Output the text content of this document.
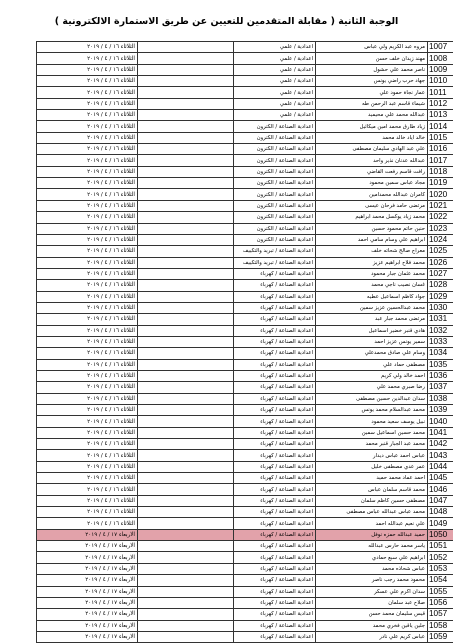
الوجبة الثانية ( مقابلة المتقدمين للتعيين عن طريق الاستمارة الالكترونية )
الثلاثاء ١٦ / ٤ / ٢٠١٩		اعدادية / علمي	مروه عبد الكريم ولي عباس	1007
الثلاثاء ١٦ / ٤ / ٢٠١٩		اعدادية / علمي	مهند زيدان خلف حسن	1008
الثلاثاء ١٦ / ٤ / ٢٠١٩		اعدادية / علمي	ناصر محمد علي حشول	1009
الثلاثاء ١٦ / ٤ / ٢٠١٩		اعدادية / علمي	جهاد حرب راضي يونس	1010
الثلاثاء ١٦ / ٤ / ٢٠١٩		اعدادية / علمي	عمار نجاة حمود علي	1011
الثلاثاء ١٦ / ٤ / ٢٠١٩		اعدادية / علمي	شيماء قاسم عبد الرحمن طه	1012
الثلاثاء ١٦ / ٤ / ٢٠١٩		اعدادية / علمي	عبدالله محمد علي محيميد	1013
الثلاثاء ١٦ / ٤ / ٢٠١٩		اعدادية الصناعة / الكترون	زياد طارق محمد امين ميكائيل	1014
الثلاثاء ١٦ / ٤ / ٢٠١٩		اعدادية الصناعة / الكترون	خالد اياد خالد محمد	1015
الثلاثاء ١٦ / ٤ / ٢٠١٩		اعدادية الصناعة / الكترون	علي عبد الهادي سليمان مصطفى	1016
الثلاثاء ١٦ / ٤ / ٢٠١٩		اعدادية الصناعة / الكترون	عبدالله عدنان نذير واحد	1017
الثلاثاء ١٦ / ٤ / ٢٠١٩		اعدادية الصناعة / الكترون	رافت قاسم رفعت القاضي	1018
الثلاثاء ١٦ / ٤ / ٢٠١٩		اعدادية الصناعة / الكترون	مجاد عباس سمين محمود	1019
الثلاثاء ١٦ / ٤ / ٢٠١٩		اعدادية الصناعة / الكترون	كامران عبدالله محمدامين	1020
الثلاثاء ١٦ / ٤ / ٢٠١٩		اعدادية الصناعة / الكترون	مرتضى حامد فرحان عيسى	1021
الثلاثاء ١٦ / ٤ / ٢٠١٩		اعدادية الصناعة / الكترون	محمد زياد يوكسل محمد ابراهيم	1022
الثلاثاء ١٦ / ٤ / ٢٠١٩		اعدادية الصناعة / الكترون	حنين حاتم محمود حسين	1023
الثلاثاء ١٦ / ٤ / ٢٠١٩		اعدادية الصناعة / الكترون	ابراهيم علي وسام سامي احمد	1024
الثلاثاء ١٦ / ٤ / ٢٠١٩		اعدادية الصناعة / تبريد والتكييف	معراج صالح شحاته خلف	1025
الثلاثاء ١٦ / ٤ / ٢٠١٩		اعدادية الصناعة / تبريد والتكييف	محمد فلاح ابراهيم عزيز	1026
الثلاثاء ١٦ / ٤ / ٢٠١٩		اعدادية الصناعة / كهرباء	محمد عثمان جبار محمود	1027
الثلاثاء ١٦ / ٤ / ٢٠١٩		اعدادية الصناعة / كهرباء	غسان نصيب ناجي محمد	1028
الثلاثاء ١٦ / ٤ / ٢٠١٩		اعدادية الصناعة / كهرباء	جواد كاظم اسماعيل عطيه	1029
الثلاثاء ١٦ / ٤ / ٢٠١٩		اعدادية الصناعة / كهرباء	محمد عبدالحسين عزيز سمين	1030
الثلاثاء ١٦ / ٤ / ٢٠١٩		اعدادية الصناعة / كهرباء	مرتضى محمد جبار عبد	1031
الثلاثاء ١٦ / ٤ / ٢٠١٩		اعدادية الصناعة / كهرباء	هادي قنبر خضير اسماعيل	1032
الثلاثاء ١٦ / ٤ / ٢٠١٩		اعدادية الصناعة / كهرباء	سمير يونس عزيز احمد	1033
الثلاثاء ١٦ / ٤ / ٢٠١٩		اعدادية الصناعة / كهرباء	وسام علي صادق محمدعلي	1034
الثلاثاء ١٦ / ٤ / ٢٠١٩		اعدادية الصناعة / كهرباء	مصطفى حماد علي	1035
الثلاثاء ١٦ / ٤ / ٢٠١٩		اعدادية الصناعة / كهرباء	احمد خالد ولي كريم	1036
الثلاثاء ١٦ / ٤ / ٢٠١٩		اعدادية الصناعة / كهرباء	رضا صبري محمد علي	1037
الثلاثاء ١٦ / ٤ / ٢٠١٩		اعدادية الصناعة / كهرباء	سدان عبدالدين حسين مصطفى	1038
الثلاثاء ١٦ / ٤ / ٢٠١٩		اعدادية الصناعة / كهرباء	محمد عبدالسلام محمد يونس	1039
الثلاثاء ١٦ / ٤ / ٢٠١٩		اعدادية الصناعة / كهرباء	نبيل يوسف سعيد محمود	1040
الثلاثاء ١٦ / ٤ / ٢٠١٩		اعدادية الصناعة / كهرباء	محمد حسين اسماعيل سمين	1041
الثلاثاء ١٦ / ٤ / ٢٠١٩		اعدادية الصناعة / كهرباء	محمد عبد الجبار قنبر محمد	1042
الثلاثاء ١٦ / ٤ / ٢٠١٩		اعدادية الصناعة / كهرباء	عباس احمد عباس ديدار	1043
الثلاثاء ١٦ / ٤ / ٢٠١٩		اعدادية الصناعة / كهرباء	عمر عدي مصطفى خليل	1044
الثلاثاء ١٦ / ٤ / ٢٠١٩		اعدادية الصناعة / كهرباء	احمد عماد محمد حميد	1045
الثلاثاء ١٦ / ٤ / ٢٠١٩		اعدادية الصناعة / كهرباء	محمد قاسم سلمان عباس	1046
الثلاثاء ١٦ / ٤ / ٢٠١٩		اعدادية الصناعة / كهرباء	مصطفى حسين كاظم سلمان	1047
الثلاثاء ١٦ / ٤ / ٢٠١٩		اعدادية الصناعة / كهرباء	محمد عباس عبدالله عباس مصطفى	1048
الثلاثاء ١٦ / ٤ / ٢٠١٩		اعدادية الصناعة / كهرباء	علي نعيم عبدالله احمد	1049
الاربعاء ١٧ / ٤ / ٢٠١٩		اعدادية الصناعة / كهرباء	حميد عبدالله حمزه نوفل	1050
الاربعاء ١٧ / ٤ / ٢٠١٩		اعدادية الصناعة / كهرباء	ياسر محمد حارس عبدالله	1051
الاربعاء ١٧ / ٤ / ٢٠١٩		اعدادية الصناعة / كهرباء	ابراهيم علي سبع حمادي	1052
الاربعاء ١٧ / ٤ / ٢٠١٩		اعدادية الصناعة / كهرباء	عباس شحاذه محمد	1053
الاربعاء ١٧ / ٤ / ٢٠١٩		اعدادية الصناعة / كهرباء	محمود محمد رجب ناصر	1054
الاربعاء ١٧ / ٤ / ٢٠١٩		اعدادية الصناعة / كهرباء	سدان اكرم علي عسكر	1055
الاربعاء ١٧ / ٤ / ٢٠١٩		اعدادية الصناعة / كهرباء	صلاح عبد سلمان	1056
الاربعاء ١٧ / ٤ / ٢٠١٩		اعدادية الصناعة / كهرباء	قيس سليمان محمد حسن	1057
الاربعاء ١٧ / ٤ / ٢٠١٩		اعدادية الصناعة / كهرباء	جلين ياقين فخري محمد	1058
الاربعاء ١٧ / ٤ / ٢٠١٩		اعدادية الصناعة / كهرباء	عباس كريم علي نادر	1059
